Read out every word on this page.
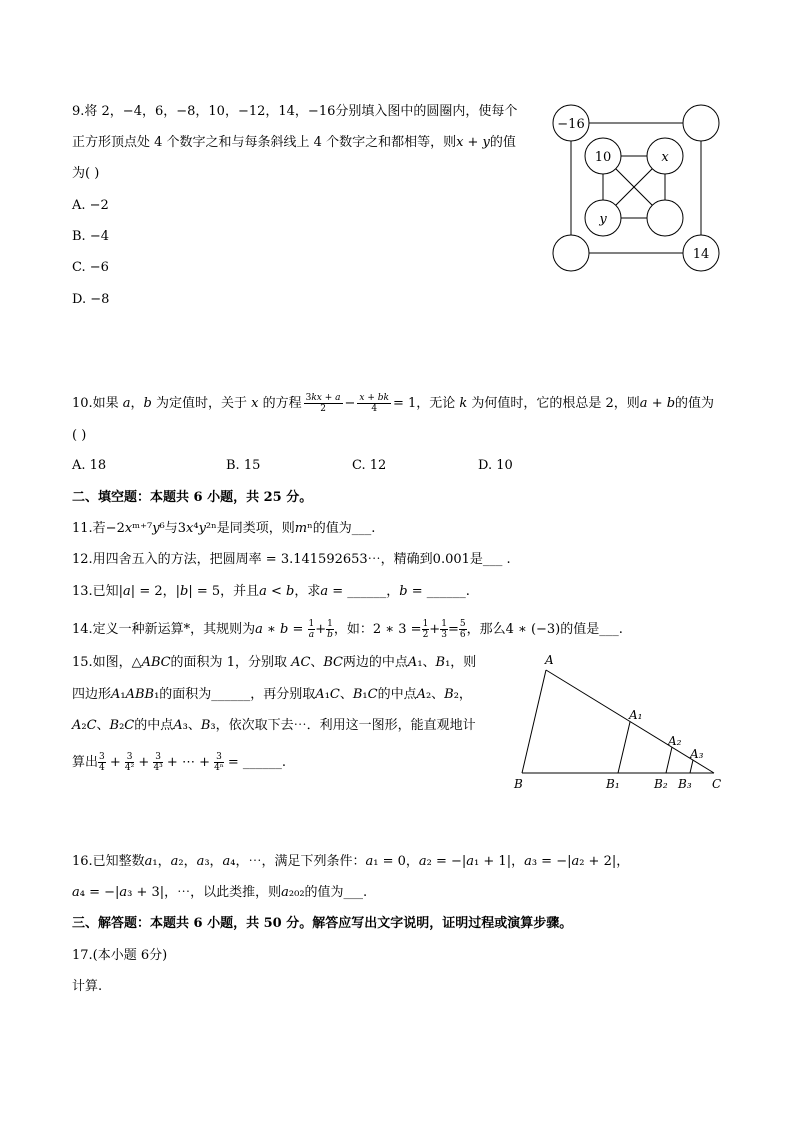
9.将 2，−4，6，−8，10，−12，14，−16分别填入图中的圆圈内，使每个
正方形顶点处 4 个数字之和与每条斜线上 4 个数字之和都相等，则𝑥 + 𝑦的值
为( )
A. −2
B. −4
C. −6
D. −8
−16
10	𝑥
𝑦
14
10.如果 𝑎，𝑏 为定值时，关于 𝑥 的方程 3𝑘𝑥 + 𝑎
2	− 𝑥 + 𝑏𝑘
4	= 1，无论 𝑘 为何值时，它的根总是 2，则𝑎 + 𝑏的值为
( )
A. 18	B. 15	C. 12	D. 10
二、填空题：本题共 6 小题，共 25 分。
11.若−2𝑥ᵐ⁺⁷𝑦⁶与3𝑥⁴𝑦²ⁿ是同类项，则𝑚ⁿ的值为___.
12.用四舍五入的方法，把圆周率 = 3.141592653⋯，精确到0.001是___ .
13.已知|𝑎| = 2，|𝑏| = 5，并且𝑎 < 𝑏，求𝑎 = ______，𝑏 = ______.
14.定义一种新运算*，其规则为𝑎 ∗ 𝑏 = 1
𝑎 + 1
𝑏 ，如：2 ∗ $3 = \frac{1}{2} + \frac{1}{3} = \frac{5}{6}$ ，那么4 ∗ (−3)的值是___.
15.如图，△𝐴𝐵𝐶的面积为 1，分别取 𝐴𝐶、𝐵𝐶两边的中点𝐴₁、𝐵₁，则
四边形𝐴₁𝐴𝐵𝐵₁的面积为______，再分别取𝐴₁𝐶、𝐵₁𝐶的中点𝐴₂、𝐵₂，
𝐴₂𝐶、𝐵₂𝐶的中点𝐴₃、𝐵₃，依次取下去⋯．利用这一图形，能直观地计
算出 $\frac{3}{4} + \frac{3}{\text{4²}} + \frac{3}{\text{4³}}$ + ⋯ + $\frac{3}{\text{4ⁿ}}$ = ______.
𝐴
𝐵	𝐶
𝐴₁
𝐴₂
𝐴₃
𝐵₁	𝐵₂ 𝐵₃
16.已知整数𝑎₁，𝑎₂，𝑎₃，𝑎₄，⋯，满足下列条件：𝑎₁ = 0，𝑎₂ = −|𝑎₁ + 1|，𝑎₃ = −|𝑎₂ + 2|，
𝑎₄ = −|𝑎₃ + 3|，⋯，以此类推，则𝑎₂₀₂的值为___.
三、解答题：本题共 6 小题，共 50 分。解答应写出文字说明，证明过程或演算步骤。
17.(本小题 6分)
计算.
